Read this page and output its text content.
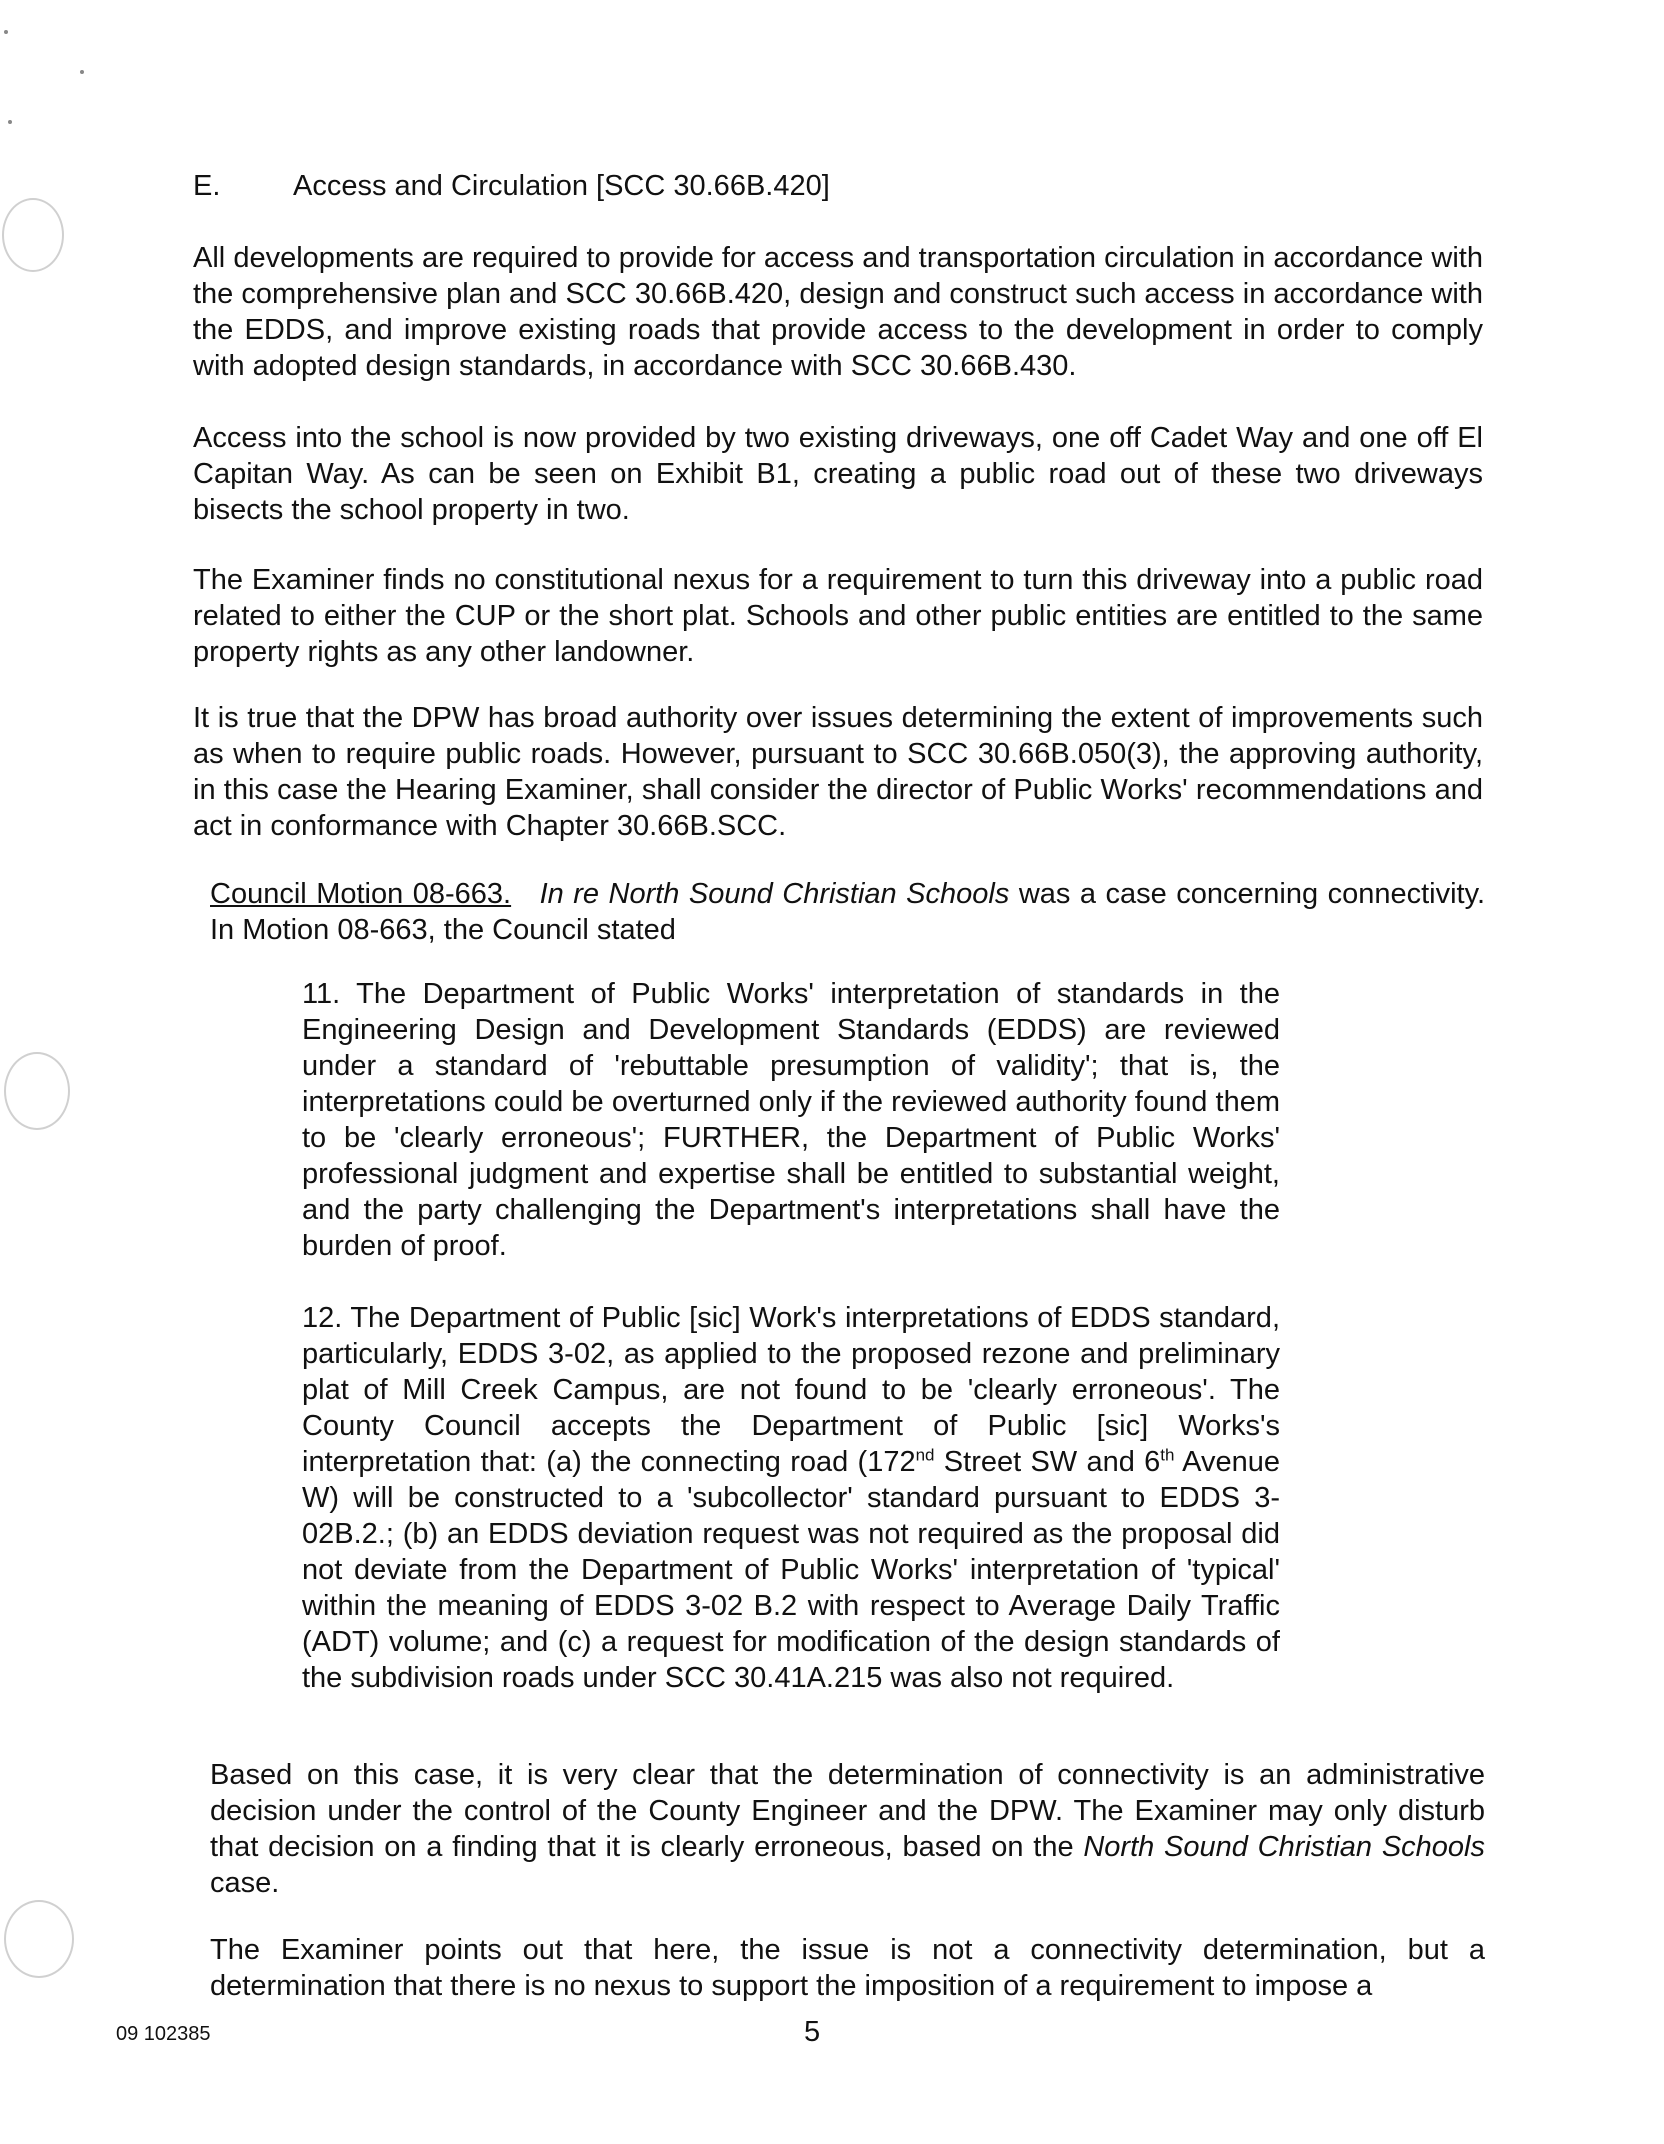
E.	Access and Circulation [SCC 30.66B.420]

All developments are required to provide for access and transportation circulation in accordance with the comprehensive plan and SCC 30.66B.420, design and construct such access in accordance with the EDDS, and improve existing roads that provide access to the development in order to comply with adopted design standards, in accordance with SCC 30.66B.430.

Access into the school is now provided by two existing driveways, one off Cadet Way and one off El Capitan Way. As can be seen on Exhibit B1, creating a public road out of these two driveways bisects the school property in two.

The Examiner finds no constitutional nexus for a requirement to turn this driveway into a public road related to either the CUP or the short plat. Schools and other public entities are entitled to the same property rights as any other landowner.

It is true that the DPW has broad authority over issues determining the extent of improvements such as when to require public roads. However, pursuant to SCC 30.66B.050(3), the approving authority, in this case the Hearing Examiner, shall consider the director of Public Works' recommendations and act in conformance with Chapter 30.66B.SCC.

Council Motion 08-663. In re North Sound Christian Schools was a case concerning connectivity. In Motion 08-663, the Council stated

11. The Department of Public Works' interpretation of standards in the Engineering Design and Development Standards (EDDS) are reviewed under a standard of 'rebuttable presumption of validity'; that is, the interpretations could be overturned only if the reviewed authority found them to be 'clearly erroneous'; FURTHER, the Department of Public Works' professional judgment and expertise shall be entitled to substantial weight, and the party challenging the Department's interpretations shall have the burden of proof.

12. The Department of Public [sic] Work's interpretations of EDDS standard, particularly, EDDS 3-02, as applied to the proposed rezone and preliminary plat of Mill Creek Campus, are not found to be 'clearly erroneous'. The County Council accepts the Department of Public [sic] Works's interpretation that: (a) the connecting road (172nd Street SW and 6th Avenue W) will be constructed to a 'subcollector' standard pursuant to EDDS 3-02B.2.; (b) an EDDS deviation request was not required as the proposal did not deviate from the Department of Public Works' interpretation of 'typical' within the meaning of EDDS 3-02 B.2 with respect to Average Daily Traffic (ADT) volume; and (c) a request for modification of the design standards of the subdivision roads under SCC 30.41A.215 was also not required.

Based on this case, it is very clear that the determination of connectivity is an administrative decision under the control of the County Engineer and the DPW. The Examiner may only disturb that decision on a finding that it is clearly erroneous, based on the North Sound Christian Schools case.

The Examiner points out that here, the issue is not a connectivity determination, but a determination that there is no nexus to support the imposition of a requirement to impose a

09 102385	5
